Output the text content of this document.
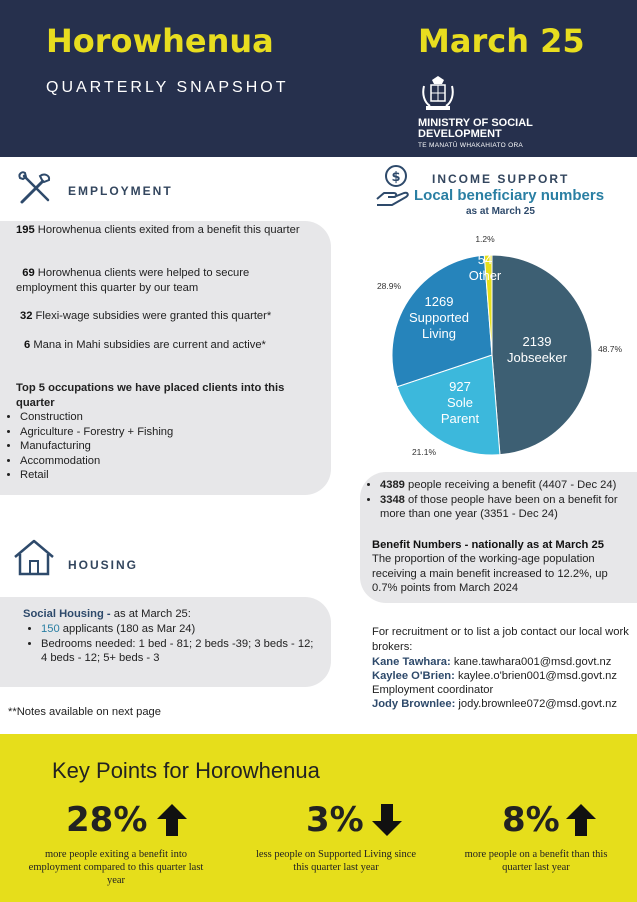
Horowhenua	March 25
QUARTERLY SNAPSHOT
MINISTRY OF SOCIAL
DEVELOPMENT
TE MANATŪ WHAKAHIATO ORA
EMPLOYMENT
195 Horowhenua clients exited from a benefit this quarter
69 Horowhenua clients were helped to secure employment this quarter by our team
32 Flexi-wage subsidies were granted this quarter*
6 Mana in Mahi subsidies are current and active*
Top 5 occupations we have placed clients into this quarter
• Construction
• Agriculture - Forestry + Fishing
• Manufacturing
• Accommodation
• Retail
HOUSING
Social Housing - as at March 25:
• 150 applicants (180 as Mar 24)
• Bedrooms needed: 1 bed - 81; 2 beds -39; 3 beds - 12; 4 beds - 12; 5+ beds - 3
**Notes available on next page
$	INCOME SUPPORT
Local beneficiary numbers
as at March 25
2139
Jobseeker
927
Sole
Parent
1269
Supported
Living
54
Other
48.7%
21.1%
28.9%
1.2%
• 4389 people receiving a benefit (4407 - Dec 24)
• 3348 of those people have been on a benefit for more than one year (3351 - Dec 24)
Benefit Numbers - nationally as at March 25
The proportion of the working-age population receiving a main benefit increased to 12.2%, up 0.7% points from March 2024
For recruitment or to list a job contact our local work brokers:
Kane Tawhara: kane.tawhara001@msd.govt.nz
Kaylee O'Brien: kaylee.o'brien001@msd.govt.nz
Employment coordinator
Jody Brownlee: jody.brownlee072@msd.govt.nz
Key Points for Horowhenua
28%
more people exiting a benefit into employment compared to this quarter last year
3%
less people on Supported Living since this quarter last year
8%
more people on a benefit than this quarter last year
